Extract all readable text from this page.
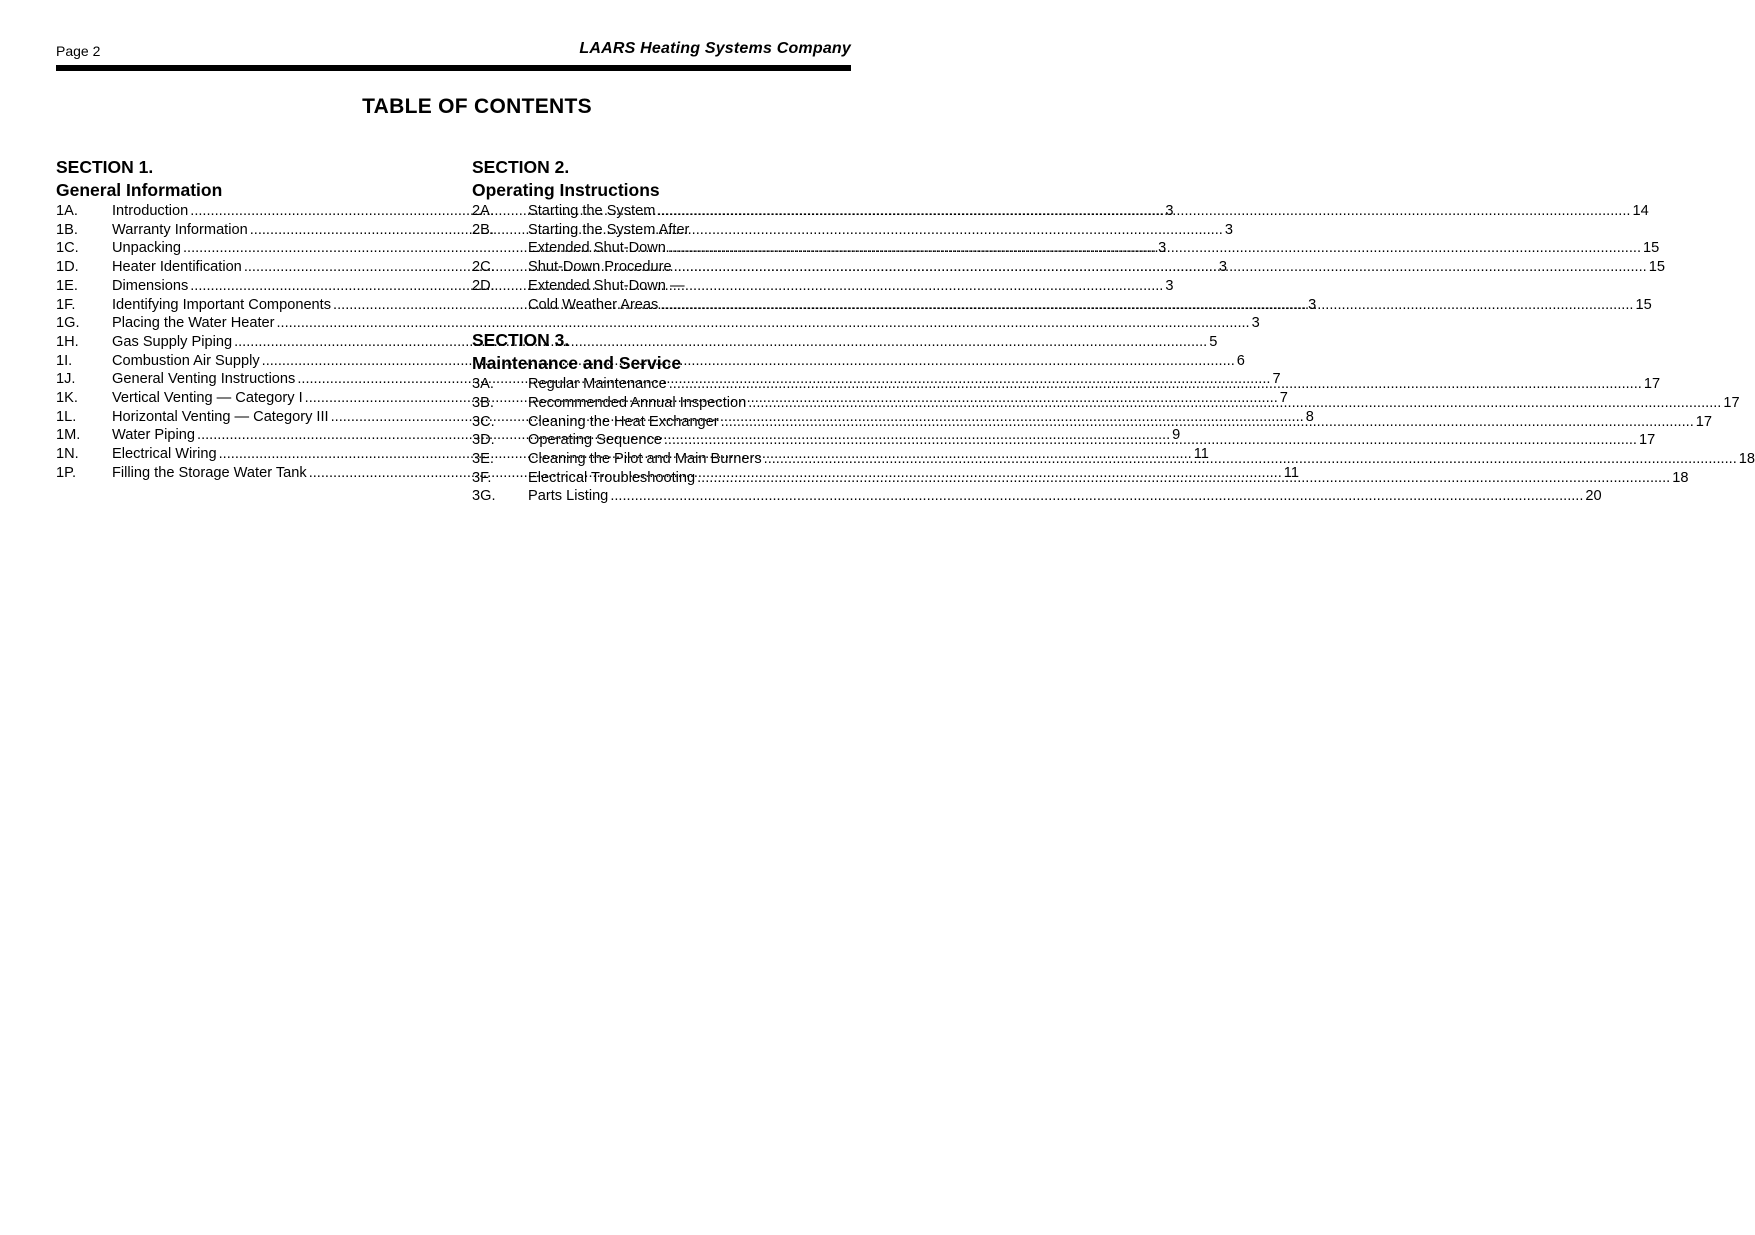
Page 2	LAARS Heating Systems Company
TABLE OF CONTENTS
SECTION 1.
General Information
1A.	Introduction .....	3
1B.	Warranty Information .....	3
1C.	Unpacking .....	3
1D.	Heater Identification .....	3
1E.	Dimensions .....	3
1F.	Identifying Important Components .....	3
1G.	Placing the Water Heater .....	3
1H.	Gas Supply Piping .....	5
1I.	Combustion Air Supply .....	6
1J.	General Venting Instructions .....	7
1K.	Vertical Venting — Category I .....	7
1L.	Horizontal Venting — Category III .....	8
1M.	Water Piping .....	9
1N.	Electrical Wiring .....	11
1P.	Filling the Storage Water Tank .....	11
SECTION 2.
Operating Instructions
2A.	Starting the System .....	14
2B.	Starting the System After
Extended Shut-Down .....	15
2C.	Shut-Down Procedure .....	15
2D.	Extended Shut-Down —
Cold Weather Areas .....	15
SECTION 3.
Maintenance and Service
3A.	Regular Maintenance .....	17
3B.	Recommended Annual Inspection .....	17
3C.	Cleaning the Heat Exchanger .....	17
3D.	Operating Sequence .....	17
3E.	Cleaning the Pilot and Main Burners .....	18
3F.	Electrical Troubleshooting .....	18
3G.	Parts Listing .....	20
